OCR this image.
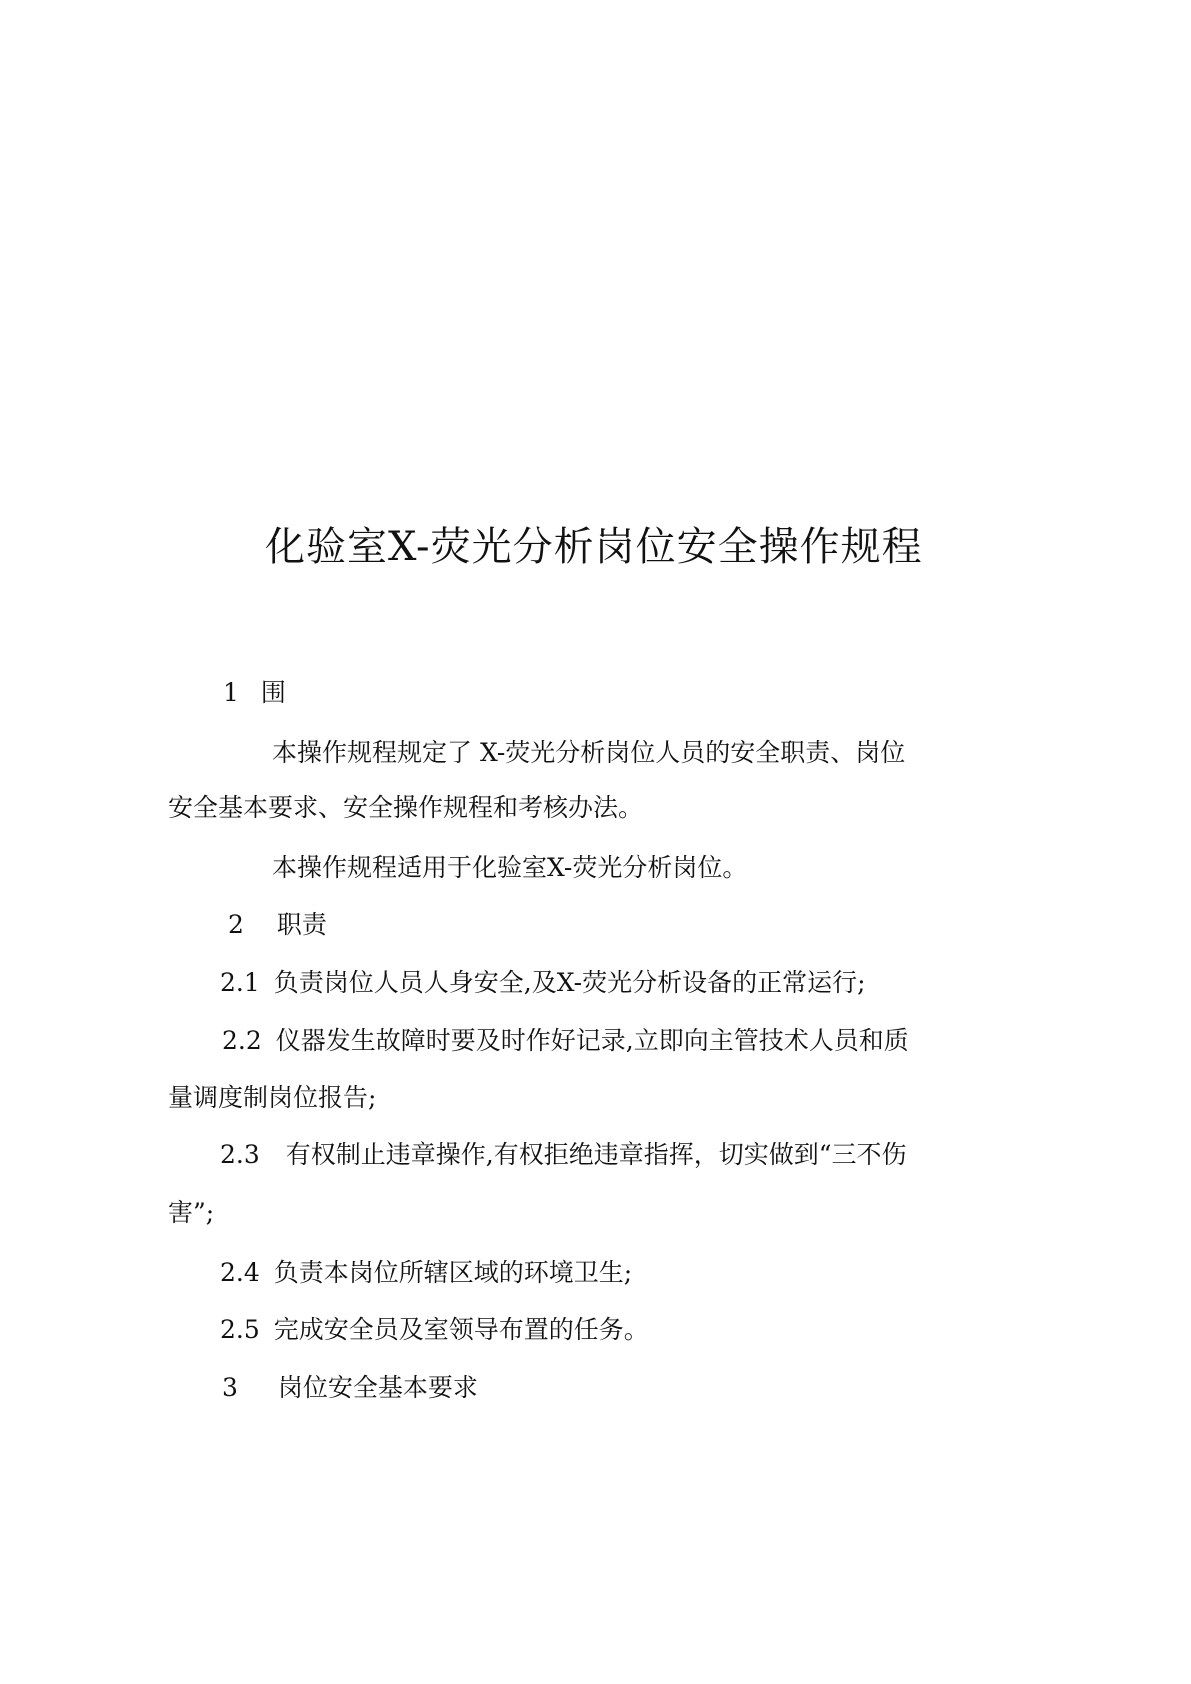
化验室X-荧光分析岗位安全操作规程
1 围
本操作规程规定了 X-荧光分析岗位人员的安全职责、岗位
安全基本要求、安全操作规程和考核办法。
本操作规程适用于化验室X-荧光分析岗位。
2 职责
2.1 负责岗位人员人身安全,及X-荧光分析设备的正常运行;
2.2 仪器发生故障时要及时作好记录,立即向主管技术人员和质
量调度制岗位报告;
2.3 有权制止违章操作,有权拒绝违章指挥，切实做到“三不伤
害”;
2.4 负责本岗位所辖区域的环境卫生;
2.5 完成安全员及室领导布置的任务。
3 岗位安全基本要求
